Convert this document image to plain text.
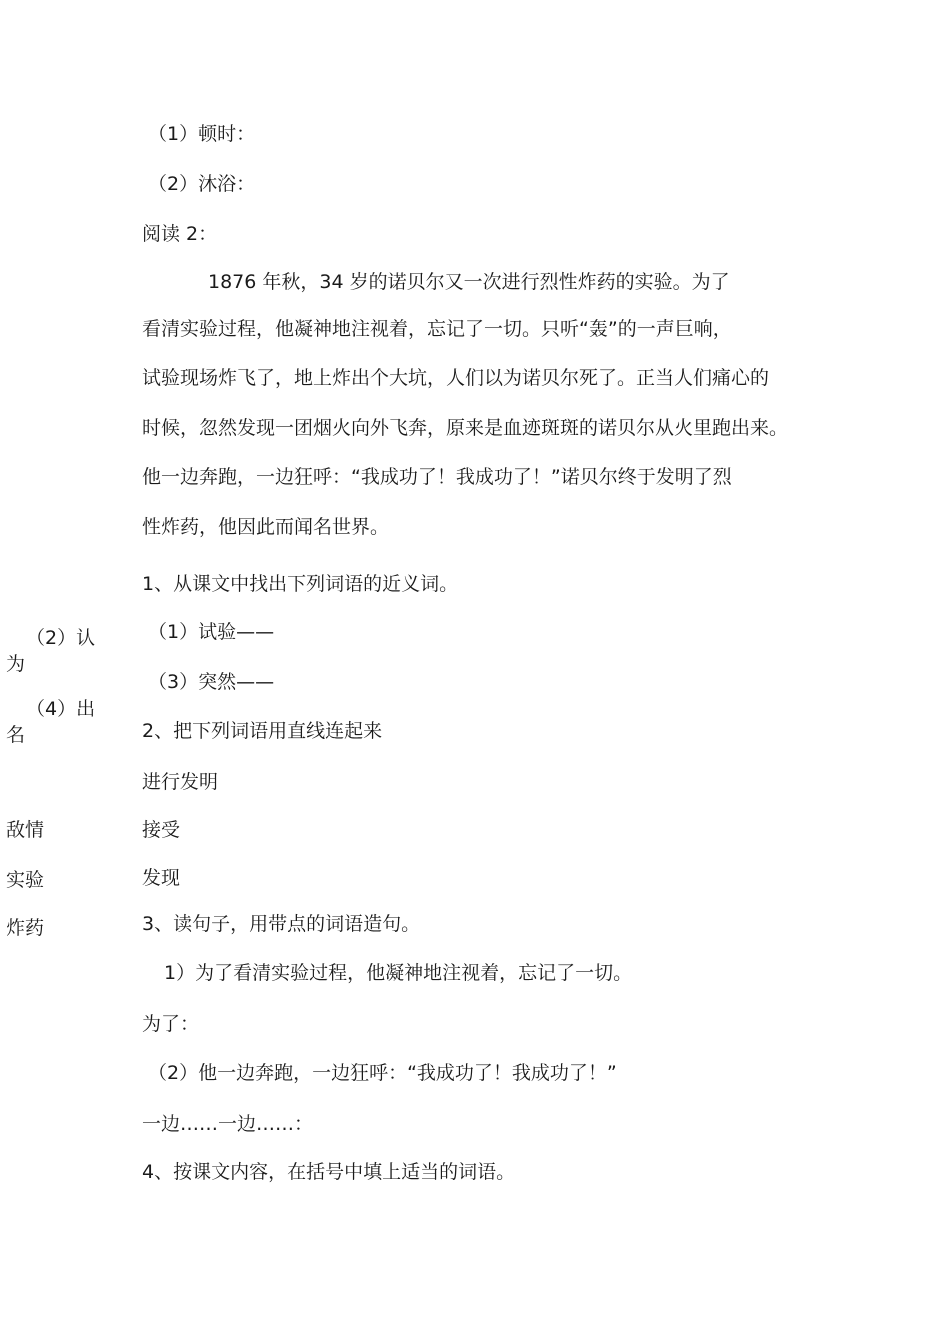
（1）顿时：
（2）沐浴：
阅读 2：
1876 年秋，34 岁的诺贝尔又一次进行烈性炸药的实验。为了
看清实验过程，他凝神地注视着，忘记了一切。只听“轰”的一声巨响，
试验现场炸飞了，地上炸出个大坑，人们以为诺贝尔死了。正当人们痛心的
时候，忽然发现一团烟火向外飞奔，原来是血迹斑斑的诺贝尔从火里跑出来。
他一边奔跑，一边狂呼：“我成功了！我成功了！”诺贝尔终于发明了烈
性炸药，他因此而闻名世界。
1、从课文中找出下列词语的近义词。
（1）试验——
（3）突然——
2、把下列词语用直线连起来
进行发明
接受
发现
3、读句子，用带点的词语造句。
1）为了看清实验过程，他凝神地注视着，忘记了一切。
为了：
（2）他一边奔跑，一边狂呼：“我成功了！我成功了！”
一边……一边……：
4、按课文内容，在括号中填上适当的词语。
（2）认
为
（4）出
名
敌情
实验
炸药
